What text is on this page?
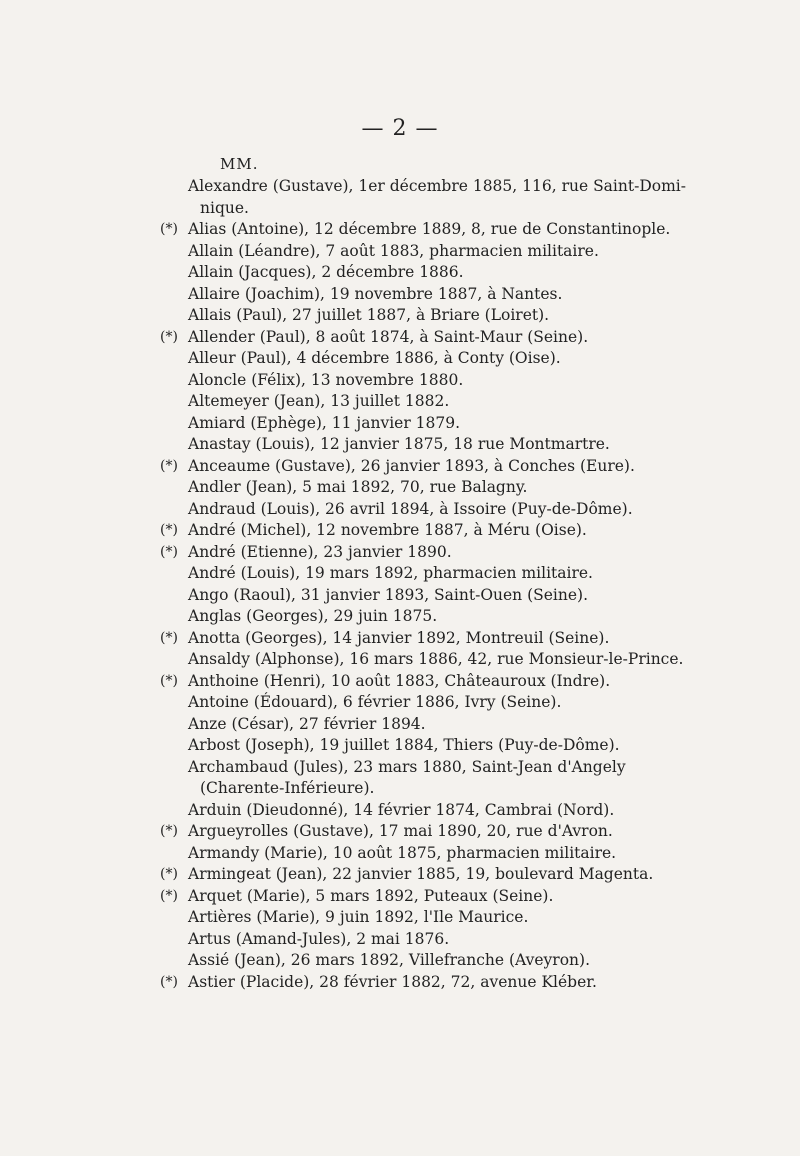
— 2 —
MM.
Alexandre (Gustave), 1er décembre 1885, 116, rue Saint-Domi-
nique.
(*) Alias (Antoine), 12 décembre 1889, 8, rue de Constantinople.
Allain (Léandre), 7 août 1883, pharmacien militaire.
Allain (Jacques), 2 décembre 1886.
Allaire (Joachim), 19 novembre 1887, à Nantes.
Allais (Paul), 27 juillet 1887, à Briare (Loiret).
(*) Allender (Paul), 8 août 1874, à Saint-Maur (Seine).
Alleur (Paul), 4 décembre 1886, à Conty (Oise).
Aloncle (Félix), 13 novembre 1880.
Altemeyer (Jean), 13 juillet 1882.
Amiard (Ephège), 11 janvier 1879.
Anastay (Louis), 12 janvier 1875, 18 rue Montmartre.
(*) Anceaume (Gustave), 26 janvier 1893, à Conches (Eure).
Andler (Jean), 5 mai 1892, 70, rue Balagny.
Andraud (Louis), 26 avril 1894, à Issoire (Puy-de-Dôme).
(*) André (Michel), 12 novembre 1887, à Méru (Oise).
(*) André (Etienne), 23 janvier 1890.
André (Louis), 19 mars 1892, pharmacien militaire.
Ango (Raoul), 31 janvier 1893, Saint-Ouen (Seine).
Anglas (Georges), 29 juin 1875.
(*) Anotta (Georges), 14 janvier 1892, Montreuil (Seine).
Ansaldy (Alphonse), 16 mars 1886, 42, rue Monsieur-le-Prince.
(*) Anthoine (Henri), 10 août 1883, Châteauroux (Indre).
Antoine (Édouard), 6 février 1886, Ivry (Seine).
Anze (César), 27 février 1894.
Arbost (Joseph), 19 juillet 1884, Thiers (Puy-de-Dôme).
Archambaud (Jules), 23 mars 1880, Saint-Jean d'Angely
(Charente-Inférieure).
Arduin (Dieudonné), 14 février 1874, Cambrai (Nord).
(*) Argueyrolles (Gustave), 17 mai 1890, 20, rue d'Avron.
Armandy (Marie), 10 août 1875, pharmacien militaire.
(*) Armingeat (Jean), 22 janvier 1885, 19, boulevard Magenta.
(*) Arquet (Marie), 5 mars 1892, Puteaux (Seine).
Artières (Marie), 9 juin 1892, l'Ile Maurice.
Artus (Amand-Jules), 2 mai 1876.
Assié (Jean), 26 mars 1892, Villefranche (Aveyron).
(*) Astier (Placide), 28 février 1882, 72, avenue Kléber.
